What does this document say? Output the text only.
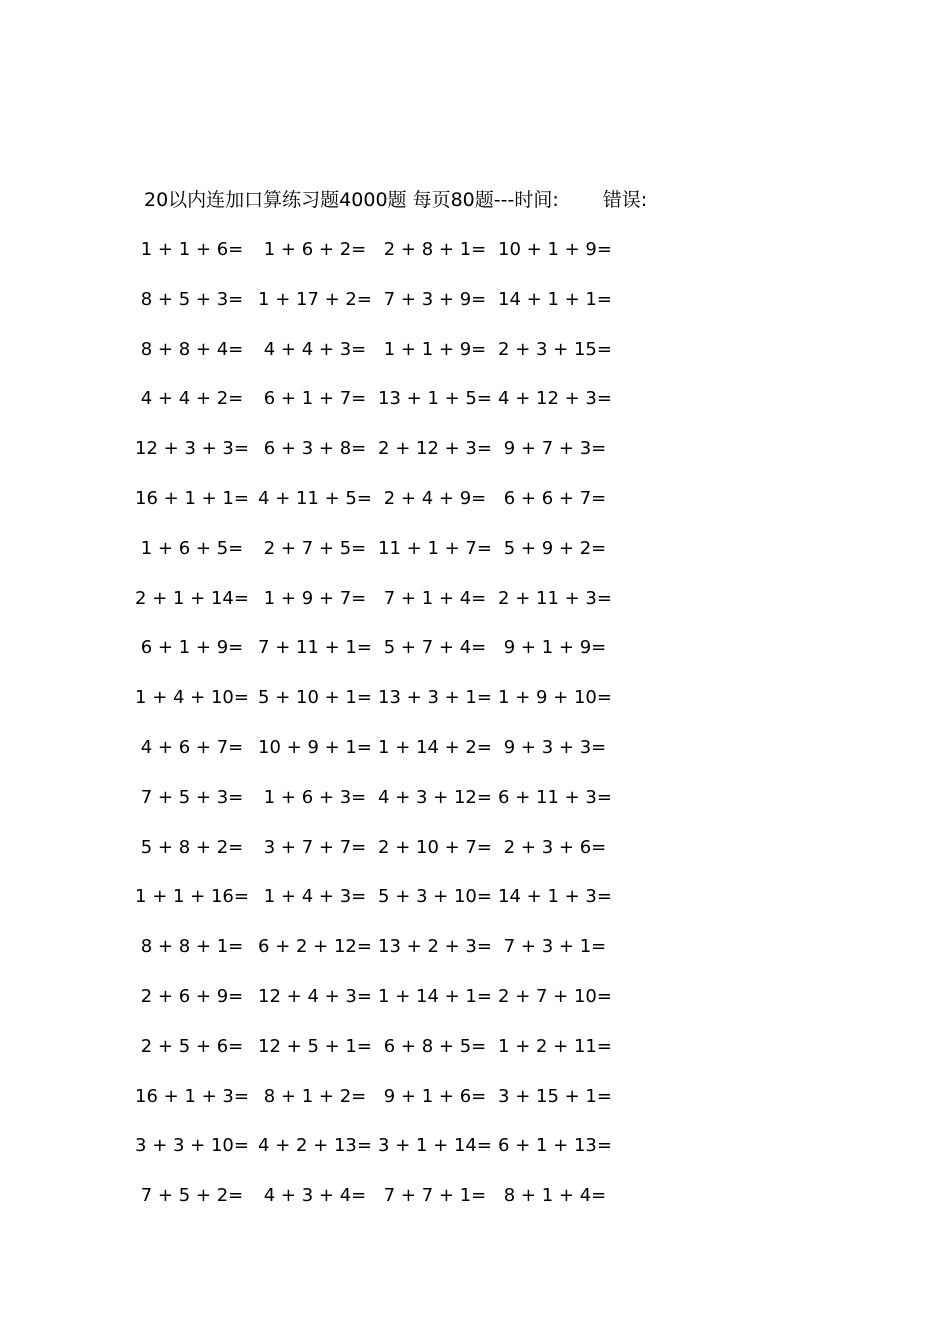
20以内连加口算练习题4000题 每页80题---时间: 错误:
1 + 1 + 6=	1 + 6 + 2= 2 + 8 + 1= 10 + 1 + 9=
8 + 5 + 3= 1 + 17 + 2= 7 + 3 + 9= 14 + 1 + 1=
8 + 8 + 4=	4 + 4 + 3= 1 + 1 + 9= 2 + 3 + 15=
4 + 4 + 2=	6 + 1 + 7= 13 + 1 + 5= 4 + 12 + 3=
12 + 3 + 3= 6 + 3 + 8= 2 + 12 + 3= 9 + 7 + 3=
16 + 1 + 1= 4 + 11 + 5= 2 + 4 + 9= 6 + 6 + 7=
1 + 6 + 5=	2 + 7 + 5= 11 + 1 + 7= 5 + 9 + 2=
2 + 1 + 14= 1 + 9 + 7= 7 + 1 + 4= 2 + 11 + 3=
6 + 1 + 9= 7 + 11 + 1= 5 + 7 + 4= 9 + 1 + 9=
1 + 4 + 10= 5 + 10 + 1= 13 + 3 + 1= 1 + 9 + 10=
4 + 6 + 7= 10 + 9 + 1= 1 + 14 + 2= 9 + 3 + 3=
7 + 5 + 3=	1 + 6 + 3= 4 + 3 + 12= 6 + 11 + 3=
5 + 8 + 2=	3 + 7 + 7= 2 + 10 + 7= 2 + 3 + 6=
1 + 1 + 16= 1 + 4 + 3= 5 + 3 + 10= 14 + 1 + 3=
8 + 8 + 1= 6 + 2 + 12= 13 + 2 + 3= 7 + 3 + 1=
2 + 6 + 9= 12 + 4 + 3= 1 + 14 + 1= 2 + 7 + 10=
2 + 5 + 6= 12 + 5 + 1= 6 + 8 + 5= 1 + 2 + 11=
16 + 1 + 3= 8 + 1 + 2= 9 + 1 + 6= 3 + 15 + 1=
3 + 3 + 10= 4 + 2 + 13= 3 + 1 + 14= 6 + 1 + 13=
7 + 5 + 2=	4 + 3 + 4= 7 + 7 + 1= 8 + 1 + 4=
